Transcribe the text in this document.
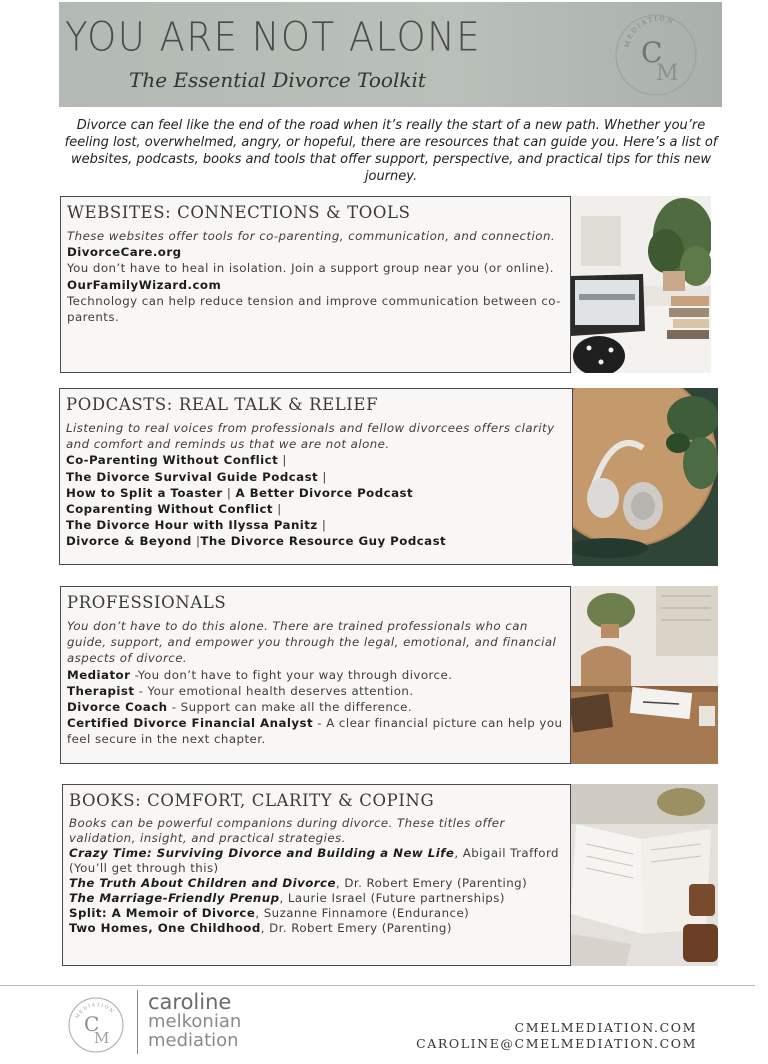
YOU ARE NOT ALONE
The Essential Divorce Toolkit
MEDIATION
C
M
Divorce can feel like the end of the road when it’s really the start of a new path. Whether you’re feeling lost, overwhelmed, angry, or hopeful, there are resources that can guide you. Here’s a list of websites, podcasts, books and tools that offer support, perspective, and practical tips for this new journey.
WEBSITES: CONNECTIONS & TOOLS

These websites offer tools for co-parenting, communication, and connection.

DivorceCare.org

You don’t have to heal in isolation. Join a support group near you (or online).

OurFamilyWizard.com

Technology can help reduce tension and improve communication between co-parents.

PODCASTS: REAL TALK & RELIEF

Listening to real voices from professionals and fellow divorcees offers clarity and comfort and reminds us that we are not alone.

Co-Parenting Without Conflict |

The Divorce Survival Guide Podcast |

How to Split a Toaster | A Better Divorce Podcast

Coparenting Without Conflict |

The Divorce Hour with Ilyssa Panitz |

Divorce & Beyond |The Divorce Resource Guy Podcast

PROFESSIONALS

You don’t have to do this alone. There are trained professionals who can guide, support, and empower you through the legal, emotional, and financial aspects of divorce.

Mediator -You don’t have to fight your way through divorce.

Therapist - Your emotional health deserves attention.

Divorce Coach - Support can make all the difference.

Certified Divorce Financial Analyst - A clear financial picture can help you feel secure in the next chapter.

BOOKS: COMFORT, CLARITY & COPING

Books can be powerful companions during divorce. These titles offer validation, insight, and practical strategies.

Crazy Time: Surviving Divorce and Building a New Life, Abigail Trafford (You’ll get through this)

The Truth About Children and Divorce, Dr. Robert Emery (Parenting)

The Marriage-Friendly Prenup, Laurie Israel (Future partnerships)

Split: A Memoir of Divorce, Suzanne Finnamore (Endurance)

Two Homes, One Childhood, Dr. Robert Emery (Parenting)

MEDIATION
C
M
caroline
melkonian
mediation
CMELMEDIATION.COM
CAROLINE@CMELMEDIATION.COM
